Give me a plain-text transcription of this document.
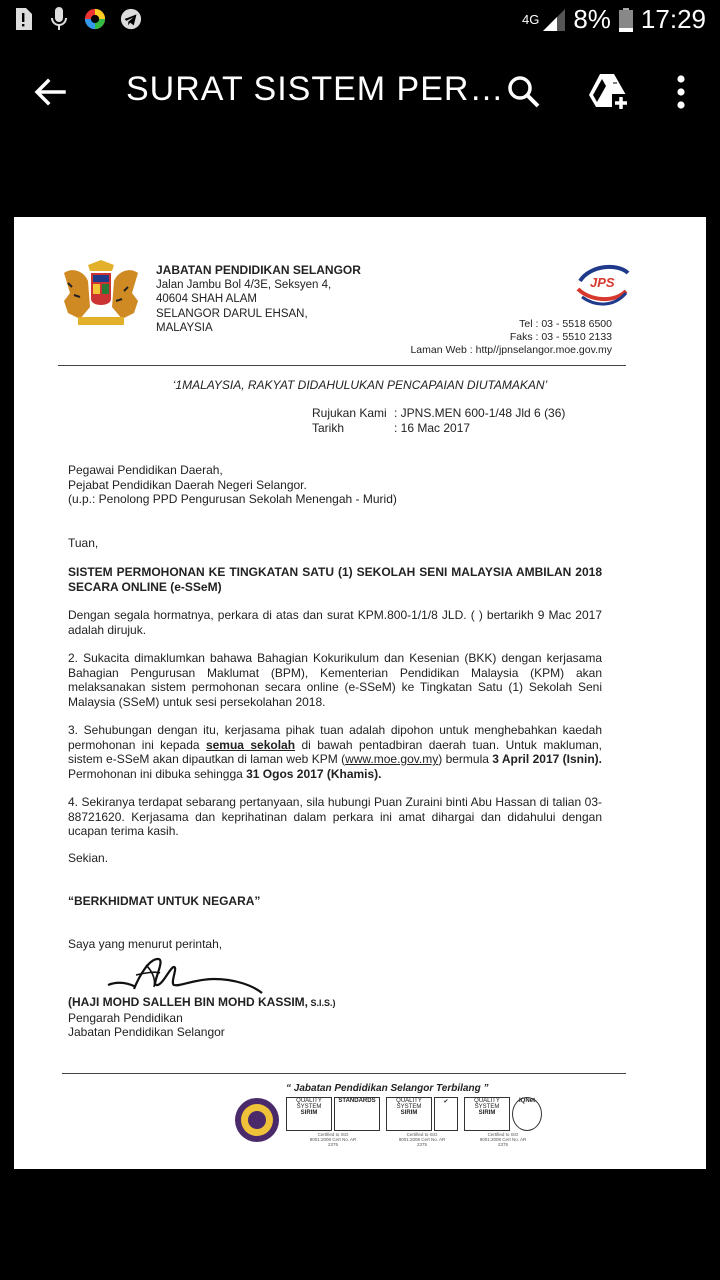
4G 8% 17:29
SURAT SISTEM PER…
JABATAN PENDIDIKAN SELANGOR
Jalan Jambu Bol 4/3E, Seksyen 4,
40604 SHAH ALAM
SELANGOR DARUL EHSAN,
MALAYSIA
JPS
Tel : 03 - 5518 6500
Faks : 03 - 5510 2133
Laman Web : http//jpnselangor.moe.gov.my
‘1MALAYSIA, RAKYAT DIDAHULUKAN PENCAPAIAN DIUTAMAKAN’
Rujukan Kami : JPNS.MEN 600-1/48 Jld 6 (36)
Tarikh	: 16 Mac 2017
Pegawai Pendidikan Daerah,
Pejabat Pendidikan Daerah Negeri Selangor.
(u.p.: Penolong PPD Pengurusan Sekolah Menengah - Murid)
Tuan,
SISTEM PERMOHONAN KE TINGKATAN SATU (1) SEKOLAH SENI MALAYSIA AMBILAN 2018 SECARA ONLINE (e-SSeM)
Dengan segala hormatnya, perkara di atas dan surat KPM.800-1/1/8 JLD. ( ) bertarikh 9 Mac 2017 adalah dirujuk.
2. Sukacita dimaklumkan bahawa Bahagian Kokurikulum dan Kesenian (BKK) dengan kerjasama Bahagian Pengurusan Maklumat (BPM), Kementerian Pendidikan Malaysia (KPM) akan melaksanakan sistem permohonan secara online (e-SSeM) ke Tingkatan Satu (1) Sekolah Seni Malaysia (SSeM) untuk sesi persekolahan 2018.
3. Sehubungan dengan itu, kerjasama pihak tuan adalah dipohon untuk menghebahkan kaedah permohonan ini kepada semua sekolah di bawah pentadbiran daerah tuan. Untuk makluman, sistem e-SSeM akan dipautkan di laman web KPM (www.moe.gov.my) bermula 3 April 2017 (Isnin). Permohonan ini dibuka sehingga 31 Ogos 2017 (Khamis).
4. Sekiranya terdapat sebarang pertanyaan, sila hubungi Puan Zuraini binti Abu Hassan di talian 03-88721620. Kerjasama dan keprihatinan dalam perkara ini amat dihargai dan didahului dengan ucapan terima kasih.
Sekian.
“BERKHIDMAT UNTUK NEGARA”
Saya yang menurut perintah,
(HAJI MOHD SALLEH BIN MOHD KASSIM, S.I.S.)
Pengarah Pendidikan
Jabatan Pendidikan Selangor
“ Jabatan Pendidikan Selangor Terbilang ”
QUALITY SYSTEM
SIRIM
STANDARDS
Certified to ISO 9001:2008 Cert No. AR 2375
QUALITY SYSTEM
SIRIM
✔
Certified to ISO 9001:2008 Cert No. AR 2375
QUALITY SYSTEM
SIRIM
IQNet
Certified to ISO 9001:2008 Cert No. AR 2375
